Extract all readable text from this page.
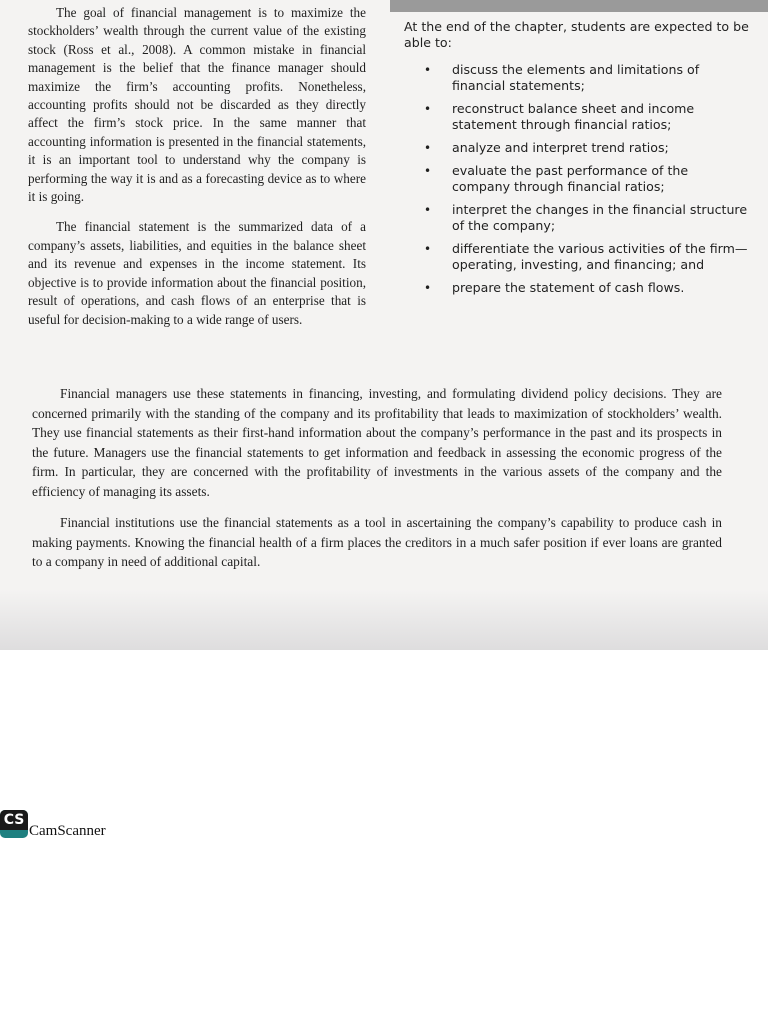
The goal of financial management is to maximize the stockholders’ wealth through the current value of the existing stock (Ross et al., 2008). A common mistake in financial management is the belief that the finance manager should maximize the firm’s accounting profits. Nonetheless, accounting profits should not be discarded as they directly affect the firm’s stock price. In the same manner that accounting information is presented in the financial statements, it is an important tool to understand why the company is performing the way it is and as a forecasting device as to where it is going.

The financial statement is the summarized data of a company’s assets, liabilities, and equities in the balance sheet and its revenue and expenses in the income statement. Its objective is to provide information about the financial position, result of operations, and cash flows of an enterprise that is useful for decision-making to a wide range of users.

At the end of the chapter, students are expected to be able to:

• discuss the elements and limitations of financial statements;
• reconstruct balance sheet and income statement through financial ratios;
• analyze and interpret trend ratios;
• evaluate the past performance of the company through financial ratios;
• interpret the changes in the financial structure of the company;
• differentiate the various activities of the firm—operating, investing, and financing; and
• prepare the statement of cash flows.

Financial managers use these statements in financing, investing, and formulating dividend policy decisions. They are concerned primarily with the standing of the company and its profitability that leads to maximization of stockholders’ wealth. They use financial statements as their first-hand information about the company’s performance in the past and its prospects in the future. Managers use the financial statements to get information and feedback in assessing the economic progress of the firm. In particular, they are concerned with the profitability of investments in the various assets of the company and the efficiency of managing its assets.

Financial institutions use the financial statements as a tool in ascertaining the company’s capability to produce cash in making payments. Knowing the financial health of a firm places the creditors in a much safer position if ever loans are granted to a company in need of additional capital.

CS
CamScanner
